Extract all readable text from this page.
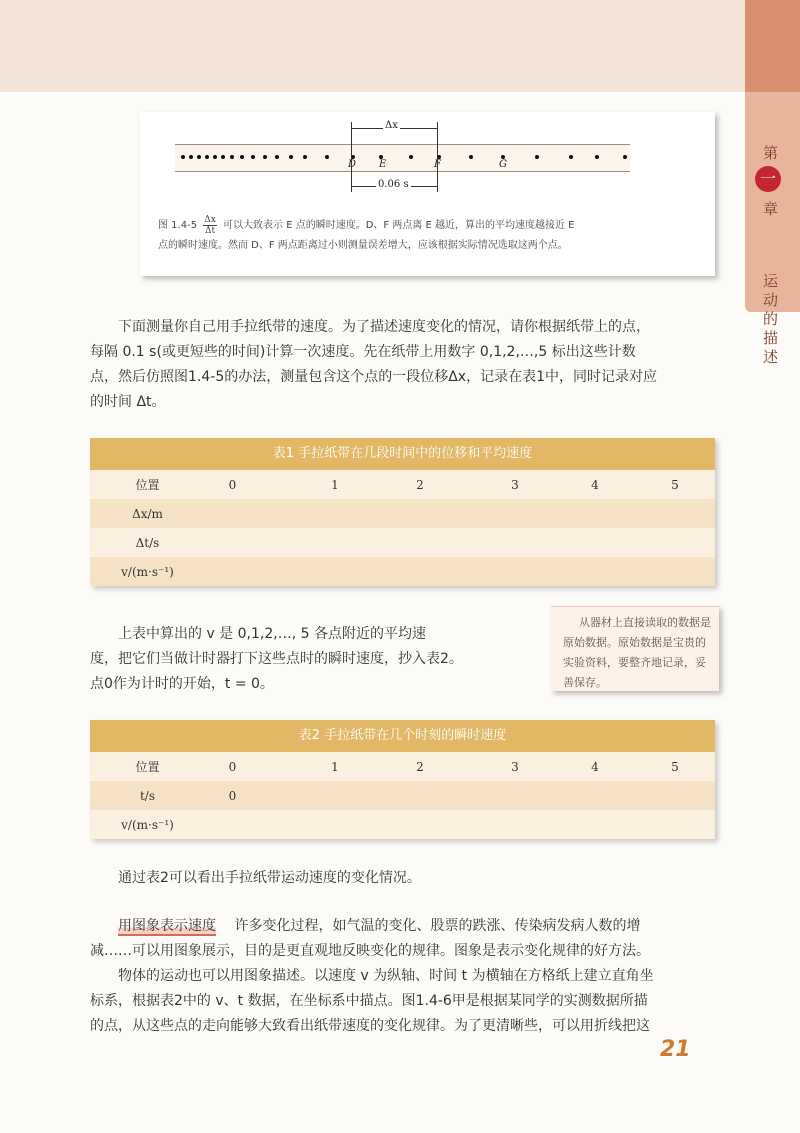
第
一
章
运动的描述
D E	F	G
Δx
0.06 s
图 $1.4-5 \frac{\Delta x}{\Delta t}$ 可以大致表示 E 点的瞬时速度。D、F 两点离 E 越近，算出的平均速度越接近 E
点的瞬时速度。然而 D、F 两点距离过小则测量误差增大，应该根据实际情况选取这两个点。

下面测量你自己用手拉纸带的速度。为了描述速度变化的情况，请你根据纸带上的点，

每隔 0.1 s(或更短些的时间)计算一次速度。先在纸带上用数字 0,1,2,…,5 标出这些计数

点，然后仿照图1.4-5的办法，测量包含这个点的一段位移Δx，记录在表1中，同时记录对应

的时间 Δt。

表1 手拉纸带在几段时间中的位移和平均速度
位置	0	1	2	3	4	5
Δx/m
Δt/s
v/(m·s⁻¹)

上表中算出的 v 是 0,1,2,…, 5 各点附近的平均速

度，把它们当做计时器打下这些点时的瞬时速度，抄入表2。

点0作为计时的开始，t = 0。

从器材上直接读取的数据是原始数据。原始数据是宝贵的实验资料，要整齐地记录，妥善保存。

表2 手拉纸带在几个时刻的瞬时速度
位置	0	1	2	3	4	5
t/s	0
v/(m·s⁻¹)

通过表2可以看出手拉纸带运动速度的变化情况。

用图象表示速度 许多变化过程，如气温的变化、股票的跌涨、传染病发病人数的增

减……可以用图象展示，目的是更直观地反映变化的规律。图象是表示变化规律的好方法。

物体的运动也可以用图象描述。以速度 v 为纵轴、时间 t 为横轴在方格纸上建立直角坐

标系，根据表2中的 v、t 数据，在坐标系中描点。图1.4-6甲是根据某同学的实测数据所描

的点，从这些点的走向能够大致看出纸带速度的变化规律。为了更清晰些，可以用折线把这

21
